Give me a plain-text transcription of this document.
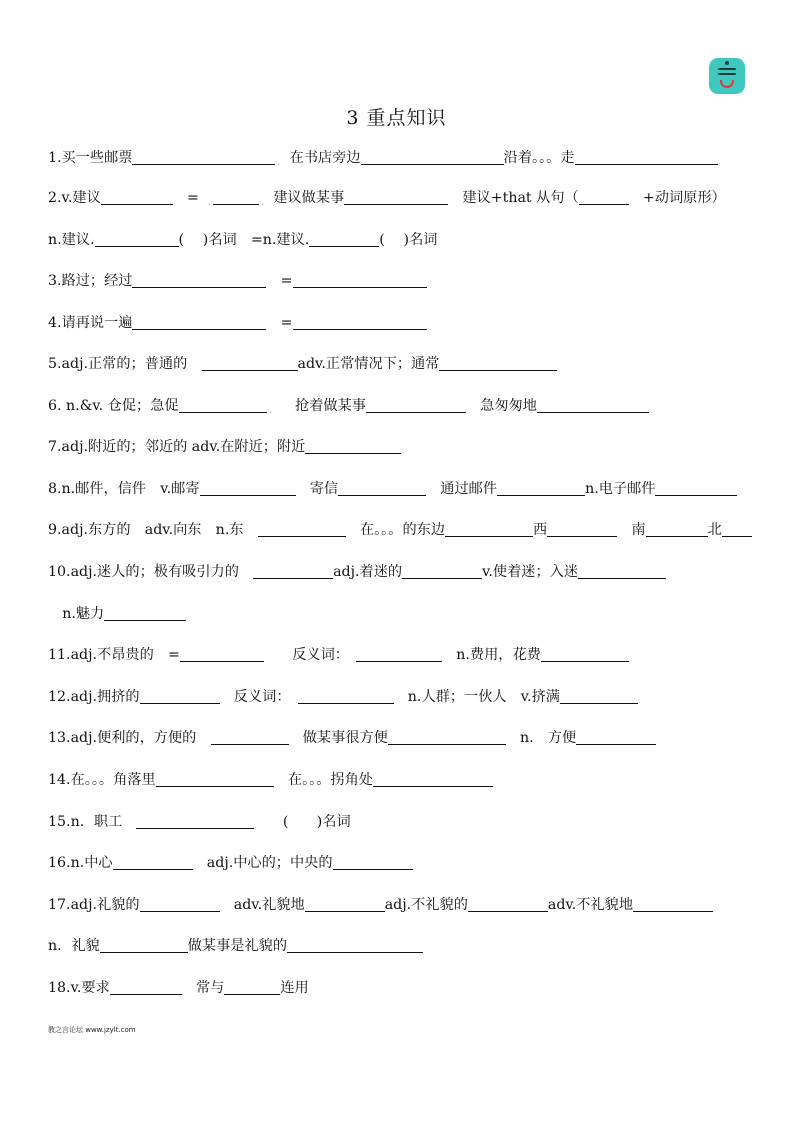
3 重点知识
1.买一些邮票	　在书店旁边	沿着。。。走
2.v.建议	　=　	　建议做某事	　建议+that 从句（	　+动词原形）
n.建议.	(　 )名词　=n.建议.	(　 )名词
3.路过；经过	　=
4.请再说一遍	　=
5.adj.正常的；普通的　	adv.正常情况下；通常
6. n.&v. 仓促；急促	　　抢着做某事	　急匆匆地
7.adj.附近的；邻近的 adv.在附近；附近
8.n.邮件，信件　v.邮寄	　寄信	　通过邮件	n.电子邮件
9.adj.东方的　adv.向东　n.东　	　在。。。的东边	西	　南	北
10.adj.迷人的；极有吸引力的　	adj.着迷的	v.使着迷；入迷
　n.魅力
11.adj.不昂贵的　=	　　反义词：　	　n.费用，花费
12.adj.拥挤的	　反义词：　	　n.人群；一伙人　v.挤满
13.adj.便利的，方便的　	　做某事很方便	　n.　方便
14.在。。。角落里	　在。。。拐角处
15.n．职工　	　　(　　)名词
16.n.中心	　adj.中心的；中央的
17.adj.礼貌的	　adv.礼貌地	adj.不礼貌的	adv.不礼貌地
n．礼貌	做某事是礼貌的
18.v.要求	　常与	连用
教之言论坛 www.jzylt.com
